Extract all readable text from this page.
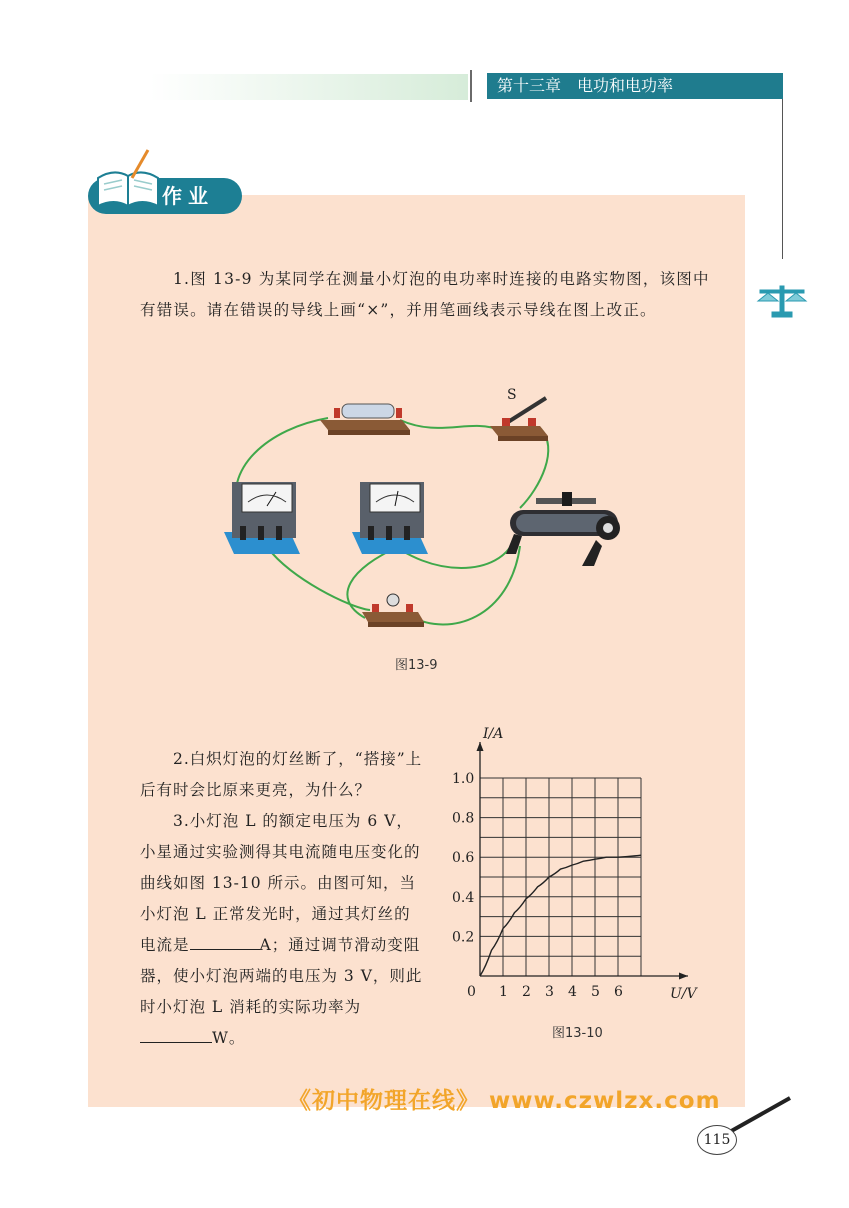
第十三章　电功和电功率
作业
1.图 13-9 为某同学在测量小灯泡的电功率时连接的电路实物图，该图中有错误。请在错误的导线上画“×”，并用笔画线表示导线在图上改正。
S
图13-9

2.白炽灯泡的灯丝断了，“搭接”上后有时会比原来更亮，为什么？

3.小灯泡 L 的额定电压为 6 V，小星通过实验测得其电流随电压变化的曲线如图 13-10 所示。由图可知，当小灯泡 L 正常发光时，通过其灯丝的电流是	A；通过调节滑动变阻器，使小灯泡两端的电压为 3 V，则此时小灯泡 L 消耗的实际功率为W。

0 1 2 3 4 5 6
0.2
0.4
0.6
0.8
1.0
U/V
I/A
图13-10
《初中物理在线》 www.czwlzx.com
115
